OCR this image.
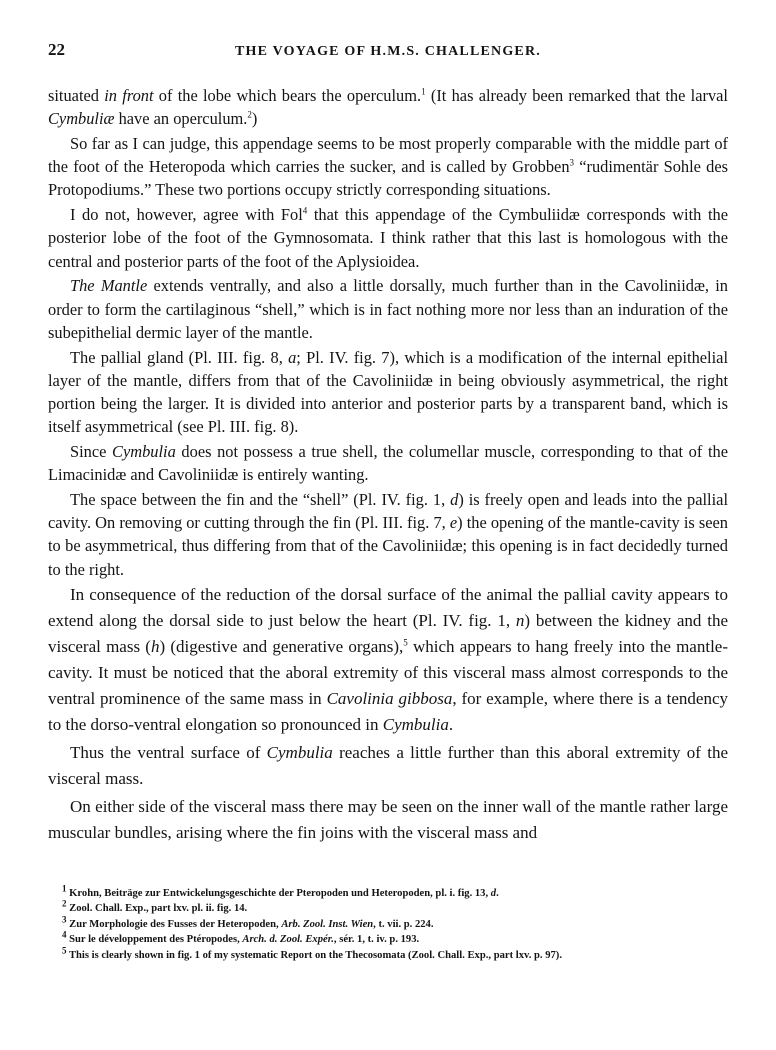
22	THE VOYAGE OF H.M.S. CHALLENGER.

situated in front of the lobe which bears the operculum.$^1$ (It has already been remarked that the larval Cymbuliæ have an operculum.$^2$)

So far as I can judge, this appendage seems to be most properly comparable with the middle part of the foot of the Heteropoda which carries the sucker, and is called by Grobben$^3$ “rudimentär Sohle des Protopodiums.” These two portions occupy strictly corresponding situations.

I do not, however, agree with Fol$^4$ that this appendage of the Cymbuliidæ corresponds with the posterior lobe of the foot of the Gymnosomata. I think rather that this last is homologous with the central and posterior parts of the foot of the Aplysioidea.

The Mantle extends ventrally, and also a little dorsally, much further than in the Cavoliniidæ, in order to form the cartilaginous “shell,” which is in fact nothing more nor less than an induration of the subepithelial dermic layer of the mantle.

The pallial gland (Pl. III. fig. 8, a; Pl. IV. fig. 7), which is a modification of the internal epithelial layer of the mantle, differs from that of the Cavoliniidæ in being obviously asymmetrical, the right portion being the larger. It is divided into anterior and posterior parts by a transparent band, which is itself asymmetrical (see Pl. III. fig. 8).

Since Cymbulia does not possess a true shell, the columellar muscle, corresponding to that of the Limacinidæ and Cavoliniidæ is entirely wanting.

The space between the fin and the “shell” (Pl. IV. fig. 1, d) is freely open and leads into the pallial cavity. On removing or cutting through the fin (Pl. III. fig. 7, e) the opening of the mantle-cavity is seen to be asymmetrical, thus differing from that of the Cavoliniidæ; this opening is in fact decidedly turned to the right.

In consequence of the reduction of the dorsal surface of the animal the pallial cavity appears to extend along the dorsal side to just below the heart (Pl. IV. fig. 1, n) between the kidney and the visceral mass (h) (digestive and generative organs),$^5$ which appears to hang freely into the mantle-cavity. It must be noticed that the aboral extremity of this visceral mass almost corresponds to the ventral prominence of the same mass in Cavolinia gibbosa, for example, where there is a tendency to the dorso-ventral elongation so pronounced in Cymbulia.

Thus the ventral surface of Cymbulia reaches a little further than this aboral extremity of the visceral mass.

On either side of the visceral mass there may be seen on the inner wall of the mantle rather large muscular bundles, arising where the fin joins with the visceral mass and

$^1$ Krohn, Beiträge zur Entwickelungsgeschichte der Pteropoden und Heteropoden, pl. i. fig. 13, d.

$^2$ Zool. Chall. Exp., part lxv. pl. ii. fig. 14.

$^3$ Zur Morphologie des Fusses der Heteropoden, Arb. Zool. Inst. Wien, t. vii. p. 224.

$^4$ Sur le développement des Ptéropodes, Arch. d. Zool. Expér., sér. 1, t. iv. p. 193.

$^5$ This is clearly shown in fig. 1 of my systematic Report on the Thecosomata (Zool. Chall. Exp., part lxv. p. 97).
